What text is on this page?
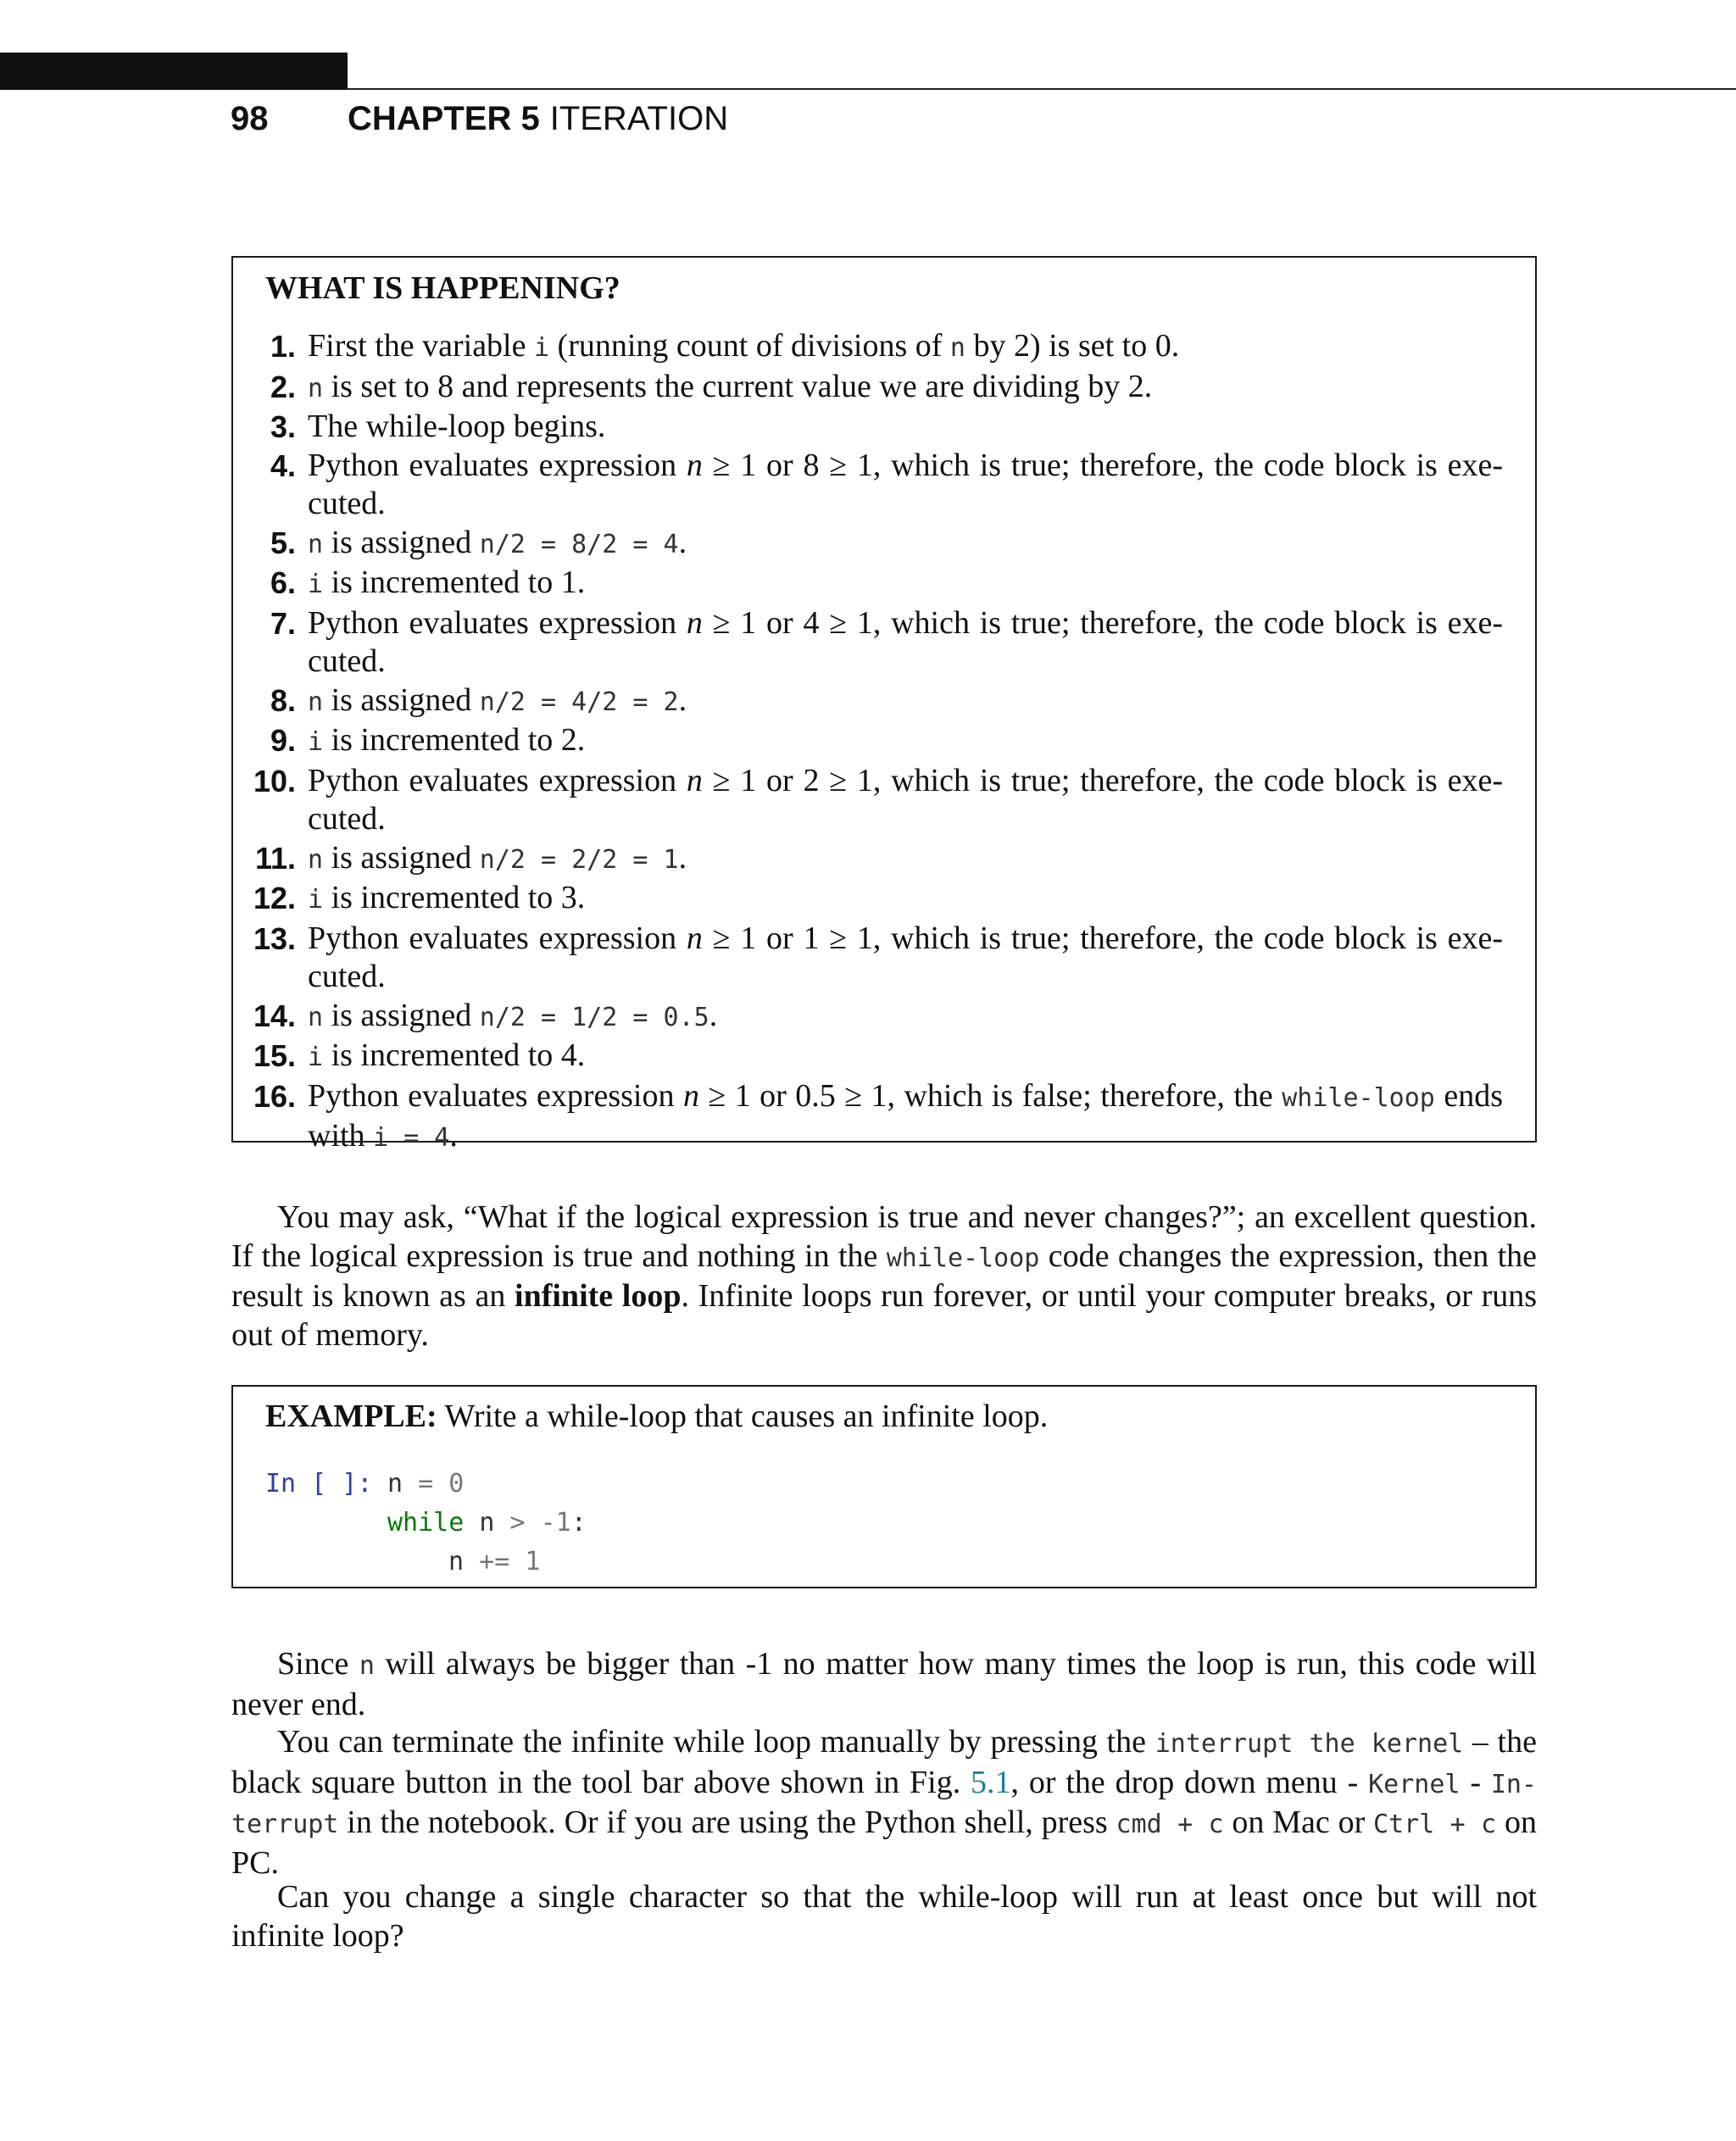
98	CHAPTER 5 ITERATION
WHAT IS HAPPENING?
1. First the variable i (running count of divisions of n by 2) is set to 0.
2. n is set to 8 and represents the current value we are dividing by 2.
3. The while-loop begins.
4. Python evaluates expression n ≥ 1 or 8 ≥ 1, which is true; therefore, the code block is exe-cuted.
5. n is assigned n/2 = 8/2 = 4.
6. i is incremented to 1.
7. Python evaluates expression n ≥ 1 or 4 ≥ 1, which is true; therefore, the code block is exe-cuted.
8. n is assigned n/2 = 4/2 = 2.
9. i is incremented to 2.
10. Python evaluates expression n ≥ 1 or 2 ≥ 1, which is true; therefore, the code block is exe-cuted.
11. n is assigned n/2 = 2/2 = 1.
12. i is incremented to 3.
13. Python evaluates expression n ≥ 1 or 1 ≥ 1, which is true; therefore, the code block is exe-cuted.
14. n is assigned n/2 = 1/2 = 0.5.
15. i is incremented to 4.
16. Python evaluates expression n ≥ 1 or 0.5 ≥ 1, which is false; therefore, the while-loop ends with i = 4.

You may ask, “What if the logical expression is true and never changes?”; an excellent question. If the logical expression is true and nothing in the while-loop code changes the expression, then the result is known as an infinite loop. Infinite loops run forever, or until your computer breaks, or runs out of memory.

EXAMPLE: Write a while-loop that causes an infinite loop.
In [ ]: n = 0
while n > -1 :
n += 1

Since n will always be bigger than -1 no matter how many times the loop is run, this code will never end.

You can terminate the infinite while loop manually by pressing the interrupt the kernel – the black square button in the tool bar above shown in Fig. 5.1, or the drop down menu - Kernel - In-terrupt in the notebook. Or if you are using the Python shell, press cmd + c on Mac or Ctrl + c on PC.

Can you change a single character so that the while-loop will run at least once but will not infinite loop?
